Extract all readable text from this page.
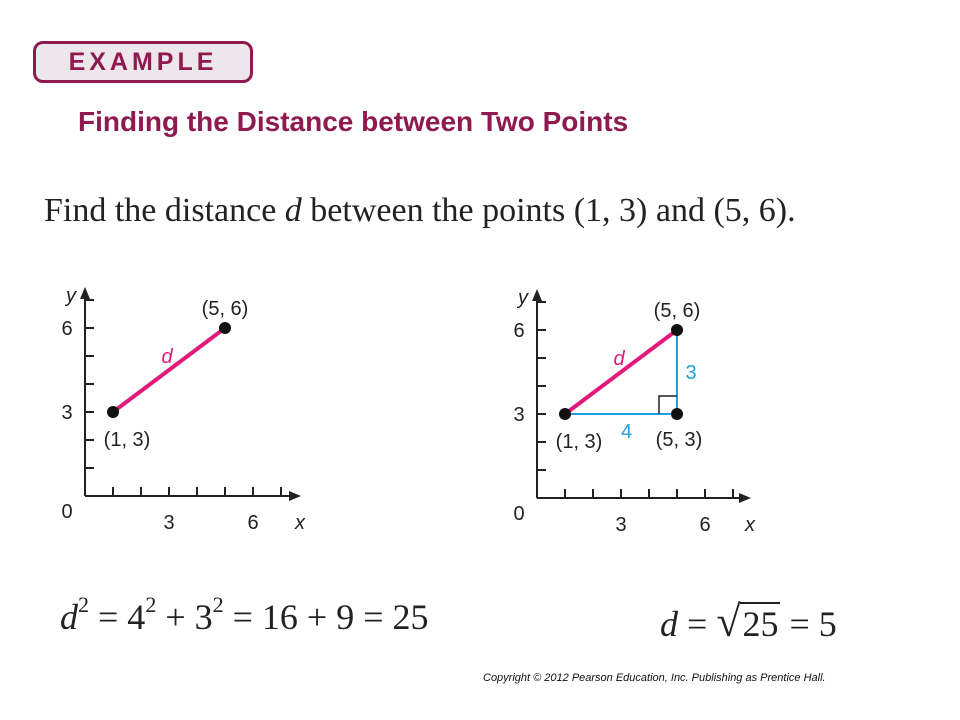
EXAMPLE
Finding the Distance between Two Points
Find the distance d between the points (1, 3) and (5, 6).
3	6
3
6
0	x
y
d
(1, 3)
(5, 6)
3	6
3
6
0	x
y
4
3
d
(1, 3)
(5, 6)
(5, 3)
$d^2 = 4^2 + 3^2 = 16 + 9 = 25$	d = √25 = 5
Copyright © 2012 Pearson Education, Inc. Publishing as Prentice Hall.
